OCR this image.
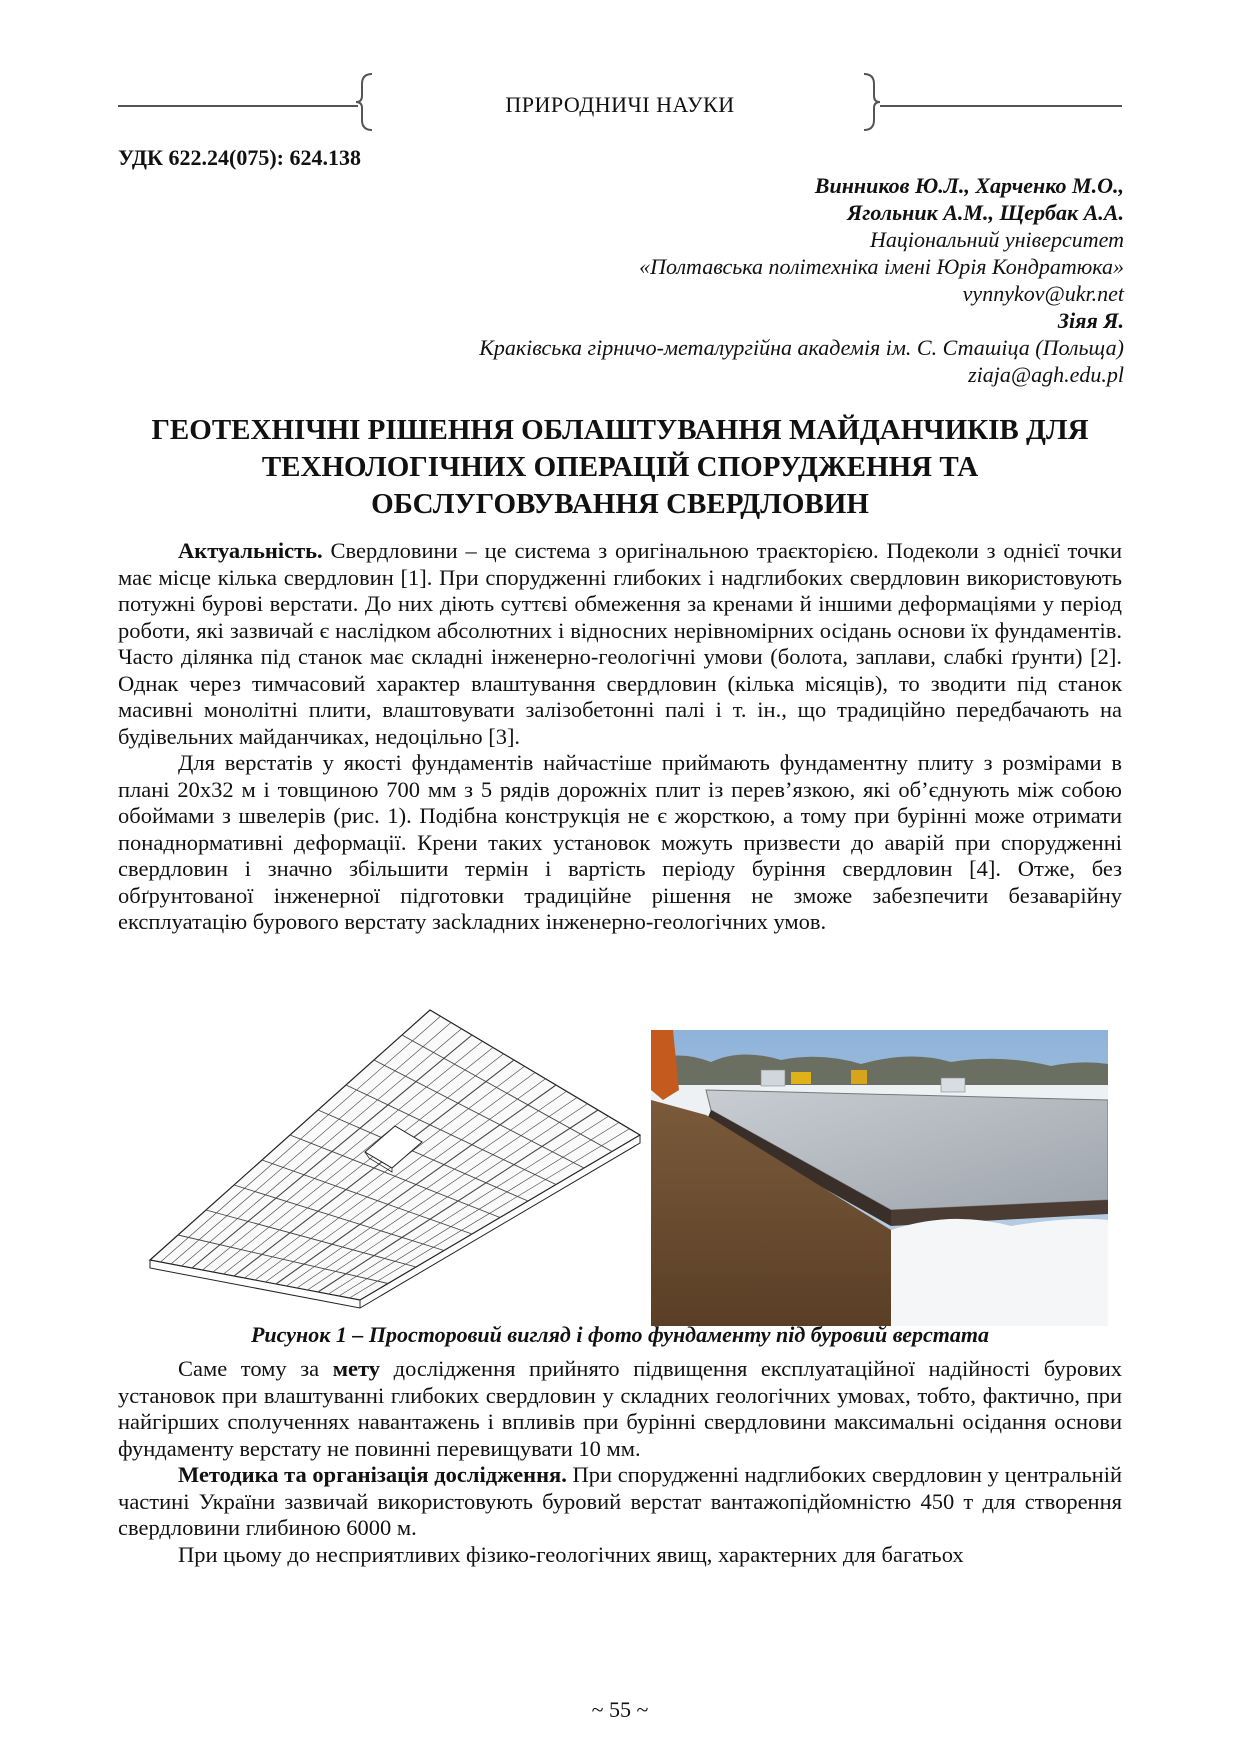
ПРИРОДНИЧІ НАУКИ
УДК 622.24(075): 624.138
Винников Ю.Л., Харченко М.О.,
Ягольник А.М., Щербак А.А.
Національний університет
«Полтавська політехніка імені Юрія Кондратюка»
vynnykov@ukr.net
Зіяя Я.
Краківська гірничо-металургійна академія ім. С. Сташіца (Польща)
ziaja@agh.edu.pl
ГЕОТЕХНІЧНІ РІШЕННЯ ОБЛАШТУВАННЯ МАЙДАНЧИКІВ ДЛЯ
ТЕХНОЛОГІЧНИХ ОПЕРАЦІЙ СПОРУДЖЕННЯ ТА
ОБСЛУГОВУВАННЯ СВЕРДЛОВИН

Актуальність. Свердловини – це система з оригінальною траєкторією. Подеколи з однієї точки має місце кілька свердловин [1]. При спорудженні глибоких і надглибоких свердловин використовують потужні бурові верстати. До них діють суттєві обмеження за кренами й іншими деформаціями у період роботи, які зазвичай є наслідком абсолютних і відносних нерівномірних осідань основи їх фундаментів. Часто ділянка під станок має складні інженерно-геологічні умови (болота, заплави, слабкі ґрунти) [2]. Однак через тимчасовий характер влаштування свердловин (кілька місяців), то зводити під станок масивні монолітні плити, влаштовувати залізобетонні палі і т. ін., що традиційно передбачають на будівельних майданчиках, недоцільно [3].

Для верстатів у якості фундаментів найчастіше приймають фундаментну плиту з розмірами в плані 20х32 м і товщиною 700 мм з 5 рядів дорожніх плит із перев’язкою, які об’єднують між собою обоймами з швелерів (рис. 1). Подібна конструкція не є жорсткою, а тому при бурінні може отримати понаднормативні деформації. Крени таких установок можуть призвести до аварій при спорудженні свердловин і значно збільшити термін і вартість періоду буріння свердловин [4]. Отже, без обґрунтованої інженерної підготовки традиційне рішення не зможе забезпечити безаварійну експлуатацію бурового верстату засkладних інженерно-геологічних умов.

Рисунок 1 – Просторовий вигляд і фото фундаменту під буровий верстата

Саме тому за мету дослідження прийнято підвищення експлуатаційної надійності бурових установок при влаштуванні глибоких свердловин у складних геологічних умовах, тобто, фактично, при найгірших сполученнях навантажень і впливів при бурінні свердловини максимальні осідання основи фундаменту верстату не повинні перевищувати 10 мм.

Методика та організація дослідження. При спорудженні надглибоких свердловин у центральній частині України зазвичай використовують буровий верстат вантажопідйомністю 450 т для створення свердловини глибиною 6000 м.

При цьому до несприятливих фізико-геологічних явищ, характерних для багатьох

~ 55 ~
